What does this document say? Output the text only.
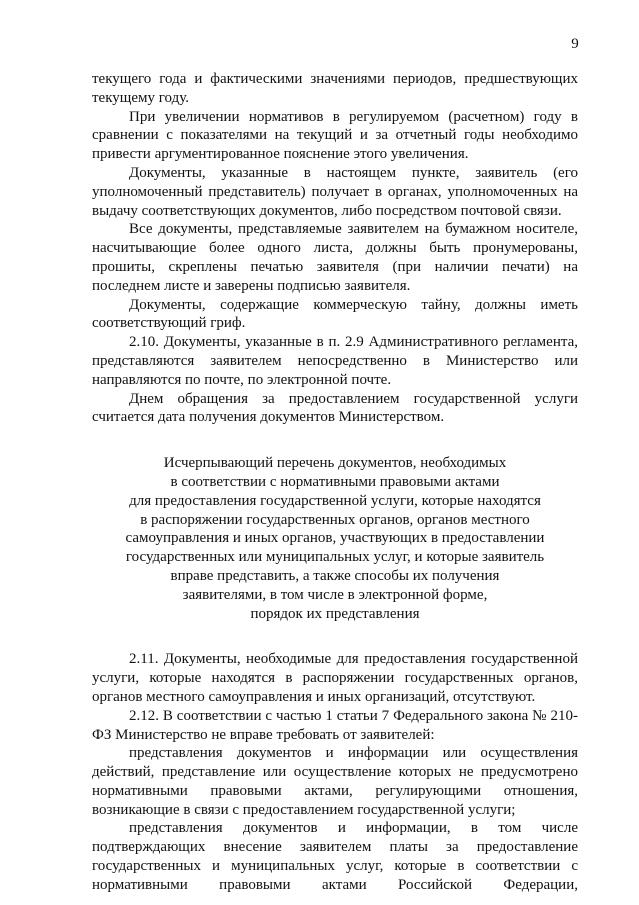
9

текущего года и фактическими значениями периодов, предшествующих текущему году.

При увеличении нормативов в регулируемом (расчетном) году в сравнении с показателями на текущий и за отчетный годы необходимо привести аргументированное пояснение этого увеличения.

Документы, указанные в настоящем пункте, заявитель (его уполномоченный представитель) получает в органах, уполномоченных на выдачу соответствующих документов, либо посредством почтовой связи.

Все документы, представляемые заявителем на бумажном носителе, насчитывающие более одного листа, должны быть пронумерованы, прошиты, скреплены печатью заявителя (при наличии печати) на последнем листе и заверены подписью заявителя.

Документы, содержащие коммерческую тайну, должны иметь соответствующий гриф.

2.10. Документы, указанные в п. 2.9 Административного регламента, представляются заявителем непосредственно в Министерство или направляются по почте, по электронной почте.

Днем обращения за предоставлением государственной услуги считается дата получения документов Министерством.

Исчерпывающий перечень документов, необходимых

в соответствии с нормативными правовыми актами

для предоставления государственной услуги, которые находятся

в распоряжении государственных органов, органов местного

самоуправления и иных органов, участвующих в предоставлении

государственных или муниципальных услуг, и которые заявитель

вправе представить, а также способы их получения

заявителями, в том числе в электронной форме,

порядок их представления

2.11. Документы, необходимые для предоставления государственной услуги, которые находятся в распоряжении государственных органов, органов местного самоуправления и иных организаций, отсутствуют.

2.12. В соответствии с частью 1 статьи 7 Федерального закона № 210-ФЗ Министерство не вправе требовать от заявителей:

представления документов и информации или осуществления действий, представление или осуществление которых не предусмотрено нормативными правовыми актами, регулирующими отношения, возникающие в связи с предоставлением государственной услуги;

представления документов и информации, в том числе подтверждающих внесение заявителем платы за предоставление государственных и муниципальных услуг, которые в соответствии с нормативными правовыми актами Российской Федерации,
